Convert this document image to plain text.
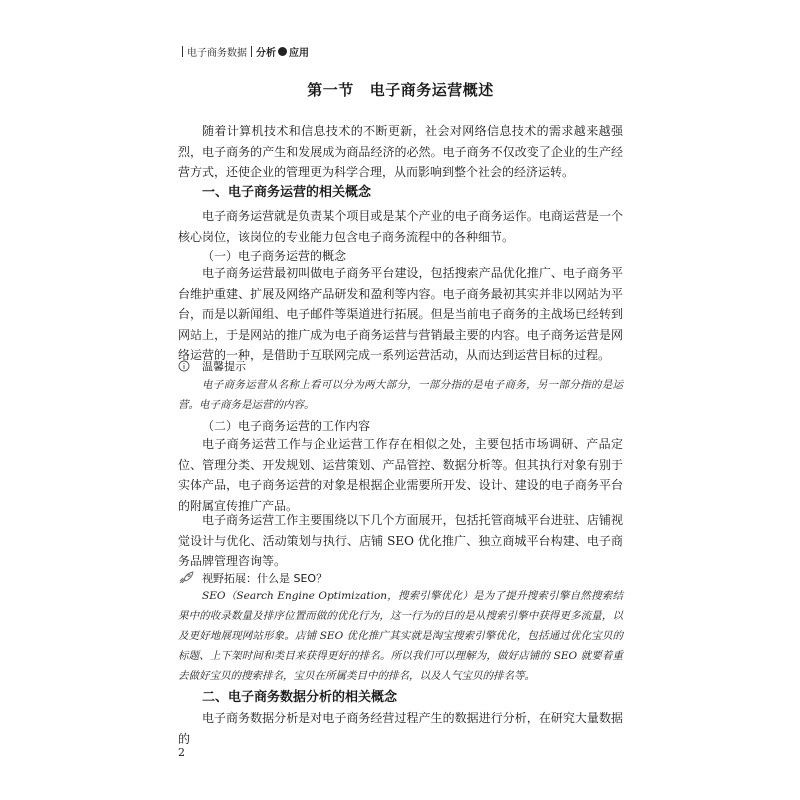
电子商务数据 分析 应用
第一节 电子商务运营概述

随着计算机技术和信息技术的不断更新，社会对网络信息技术的需求越来越强烈，电子商务的产生和发展成为商品经济的必然。电子商务不仅改变了企业的生产经营方式，还使企业的管理更为科学合理，从而影响到整个社会的经济运转。

一、电子商务运营的相关概念

电子商务运营就是负责某个项目或是某个产业的电子商务运作。电商运营是一个核心岗位，该岗位的专业能力包含电子商务流程中的各种细节。

（一）电子商务运营的概念

电子商务运营最初叫做电子商务平台建设，包括搜索产品优化推广、电子商务平台维护重建、扩展及网络产品研发和盈利等内容。电子商务最初其实并非以网站为平台，而是以新闻组、电子邮件等渠道进行拓展。但是当前电子商务的主战场已经转到网站上，于是网站的推广成为电子商务运营与营销最主要的内容。电子商务运营是网络运营的一种，是借助于互联网完成一系列运营活动，从而达到运营目标的过程。

温馨提示

电子商务运营从名称上看可以分为两大部分，一部分指的是电子商务，另一部分指的是运营。电子商务是运营的内容。

（二）电子商务运营的工作内容

电子商务运营工作与企业运营工作存在相似之处，主要包括市场调研、产品定位、管理分类、开发规划、运营策划、产品管控、数据分析等。但其执行对象有别于实体产品，电子商务运营的对象是根据企业需要所开发、设计、建设的电子商务平台的附属宣传推广产品。

电子商务运营工作主要围绕以下几个方面展开，包括托管商城平台进驻、店铺视觉设计与优化、活动策划与执行、店铺 SEO 优化推广、独立商城平台构建、电子商务品牌管理咨询等。

视野拓展：什么是 SEO？

SEO（Search Engine Optimization，搜索引擎优化）是为了提升搜索引擎自然搜索结果中的收录数量及排序位置而做的优化行为，这一行为的目的是从搜索引擎中获得更多流量，以及更好地展现网站形象。店铺 SEO 优化推广其实就是淘宝搜索引擎优化，包括通过优化宝贝的标题、上下架时间和类目来获得更好的排名。所以我们可以理解为，做好店铺的 SEO 就要着重去做好宝贝的搜索排名，宝贝在所属类目中的排名，以及人气宝贝的排名等。

二、电子商务数据分析的相关概念

电子商务数据分析是对电子商务经营过程产生的数据进行分析，在研究大量数据的

2
